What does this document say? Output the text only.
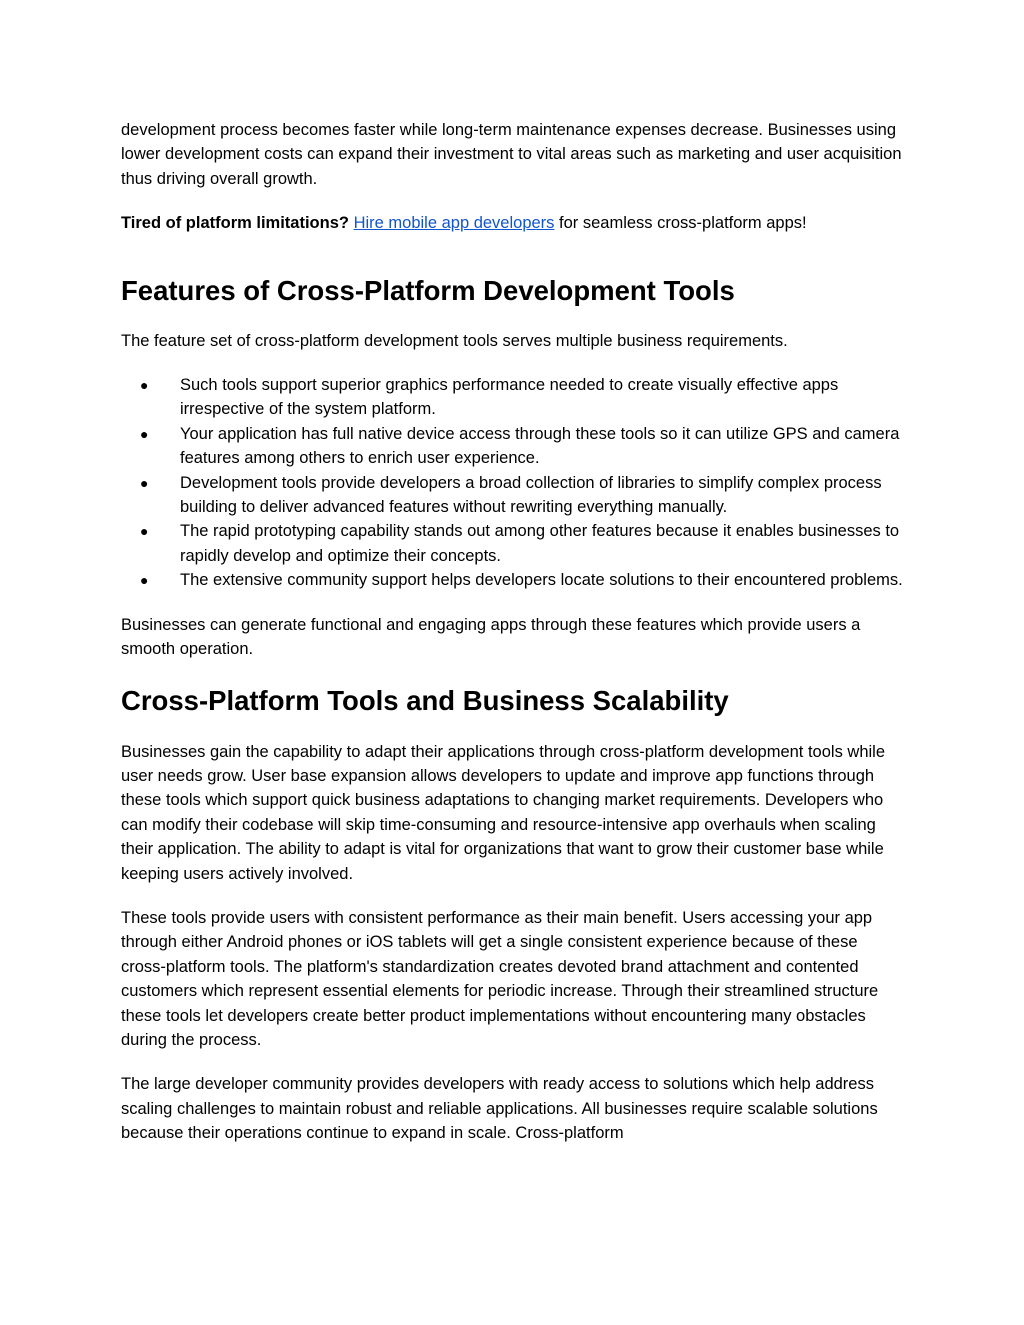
development process becomes faster while long-term maintenance expenses decrease. Businesses using lower development costs can expand their investment to vital areas such as marketing and user acquisition thus driving overall growth.

Tired of platform limitations? Hire mobile app developers for seamless cross-platform apps!

Features of Cross-Platform Development Tools

The feature set of cross-platform development tools serves multiple business requirements.

● Such tools support superior graphics performance needed to create visually effective apps irrespective of the system platform.
● Your application has full native device access through these tools so it can utilize GPS and camera features among others to enrich user experience.
● Development tools provide developers a broad collection of libraries to simplify complex process building to deliver advanced features without rewriting everything manually.
● The rapid prototyping capability stands out among other features because it enables businesses to rapidly develop and optimize their concepts.
● The extensive community support helps developers locate solutions to their encountered problems.

Businesses can generate functional and engaging apps through these features which provide users a smooth operation.

Cross-Platform Tools and Business Scalability

Businesses gain the capability to adapt their applications through cross-platform development tools while user needs grow. User base expansion allows developers to update and improve app functions through these tools which support quick business adaptations to changing market requirements. Developers who can modify their codebase will skip time-consuming and resource-intensive app overhauls when scaling their application. The ability to adapt is vital for organizations that want to grow their customer base while keeping users actively involved.

These tools provide users with consistent performance as their main benefit. Users accessing your app through either Android phones or iOS tablets will get a single consistent experience because of these cross-platform tools. The platform's standardization creates devoted brand attachment and contented customers which represent essential elements for periodic increase. Through their streamlined structure these tools let developers create better product implementations without encountering many obstacles during the process.

The large developer community provides developers with ready access to solutions which help address scaling challenges to maintain robust and reliable applications. All businesses require scalable solutions because their operations continue to expand in scale. Cross-platform
